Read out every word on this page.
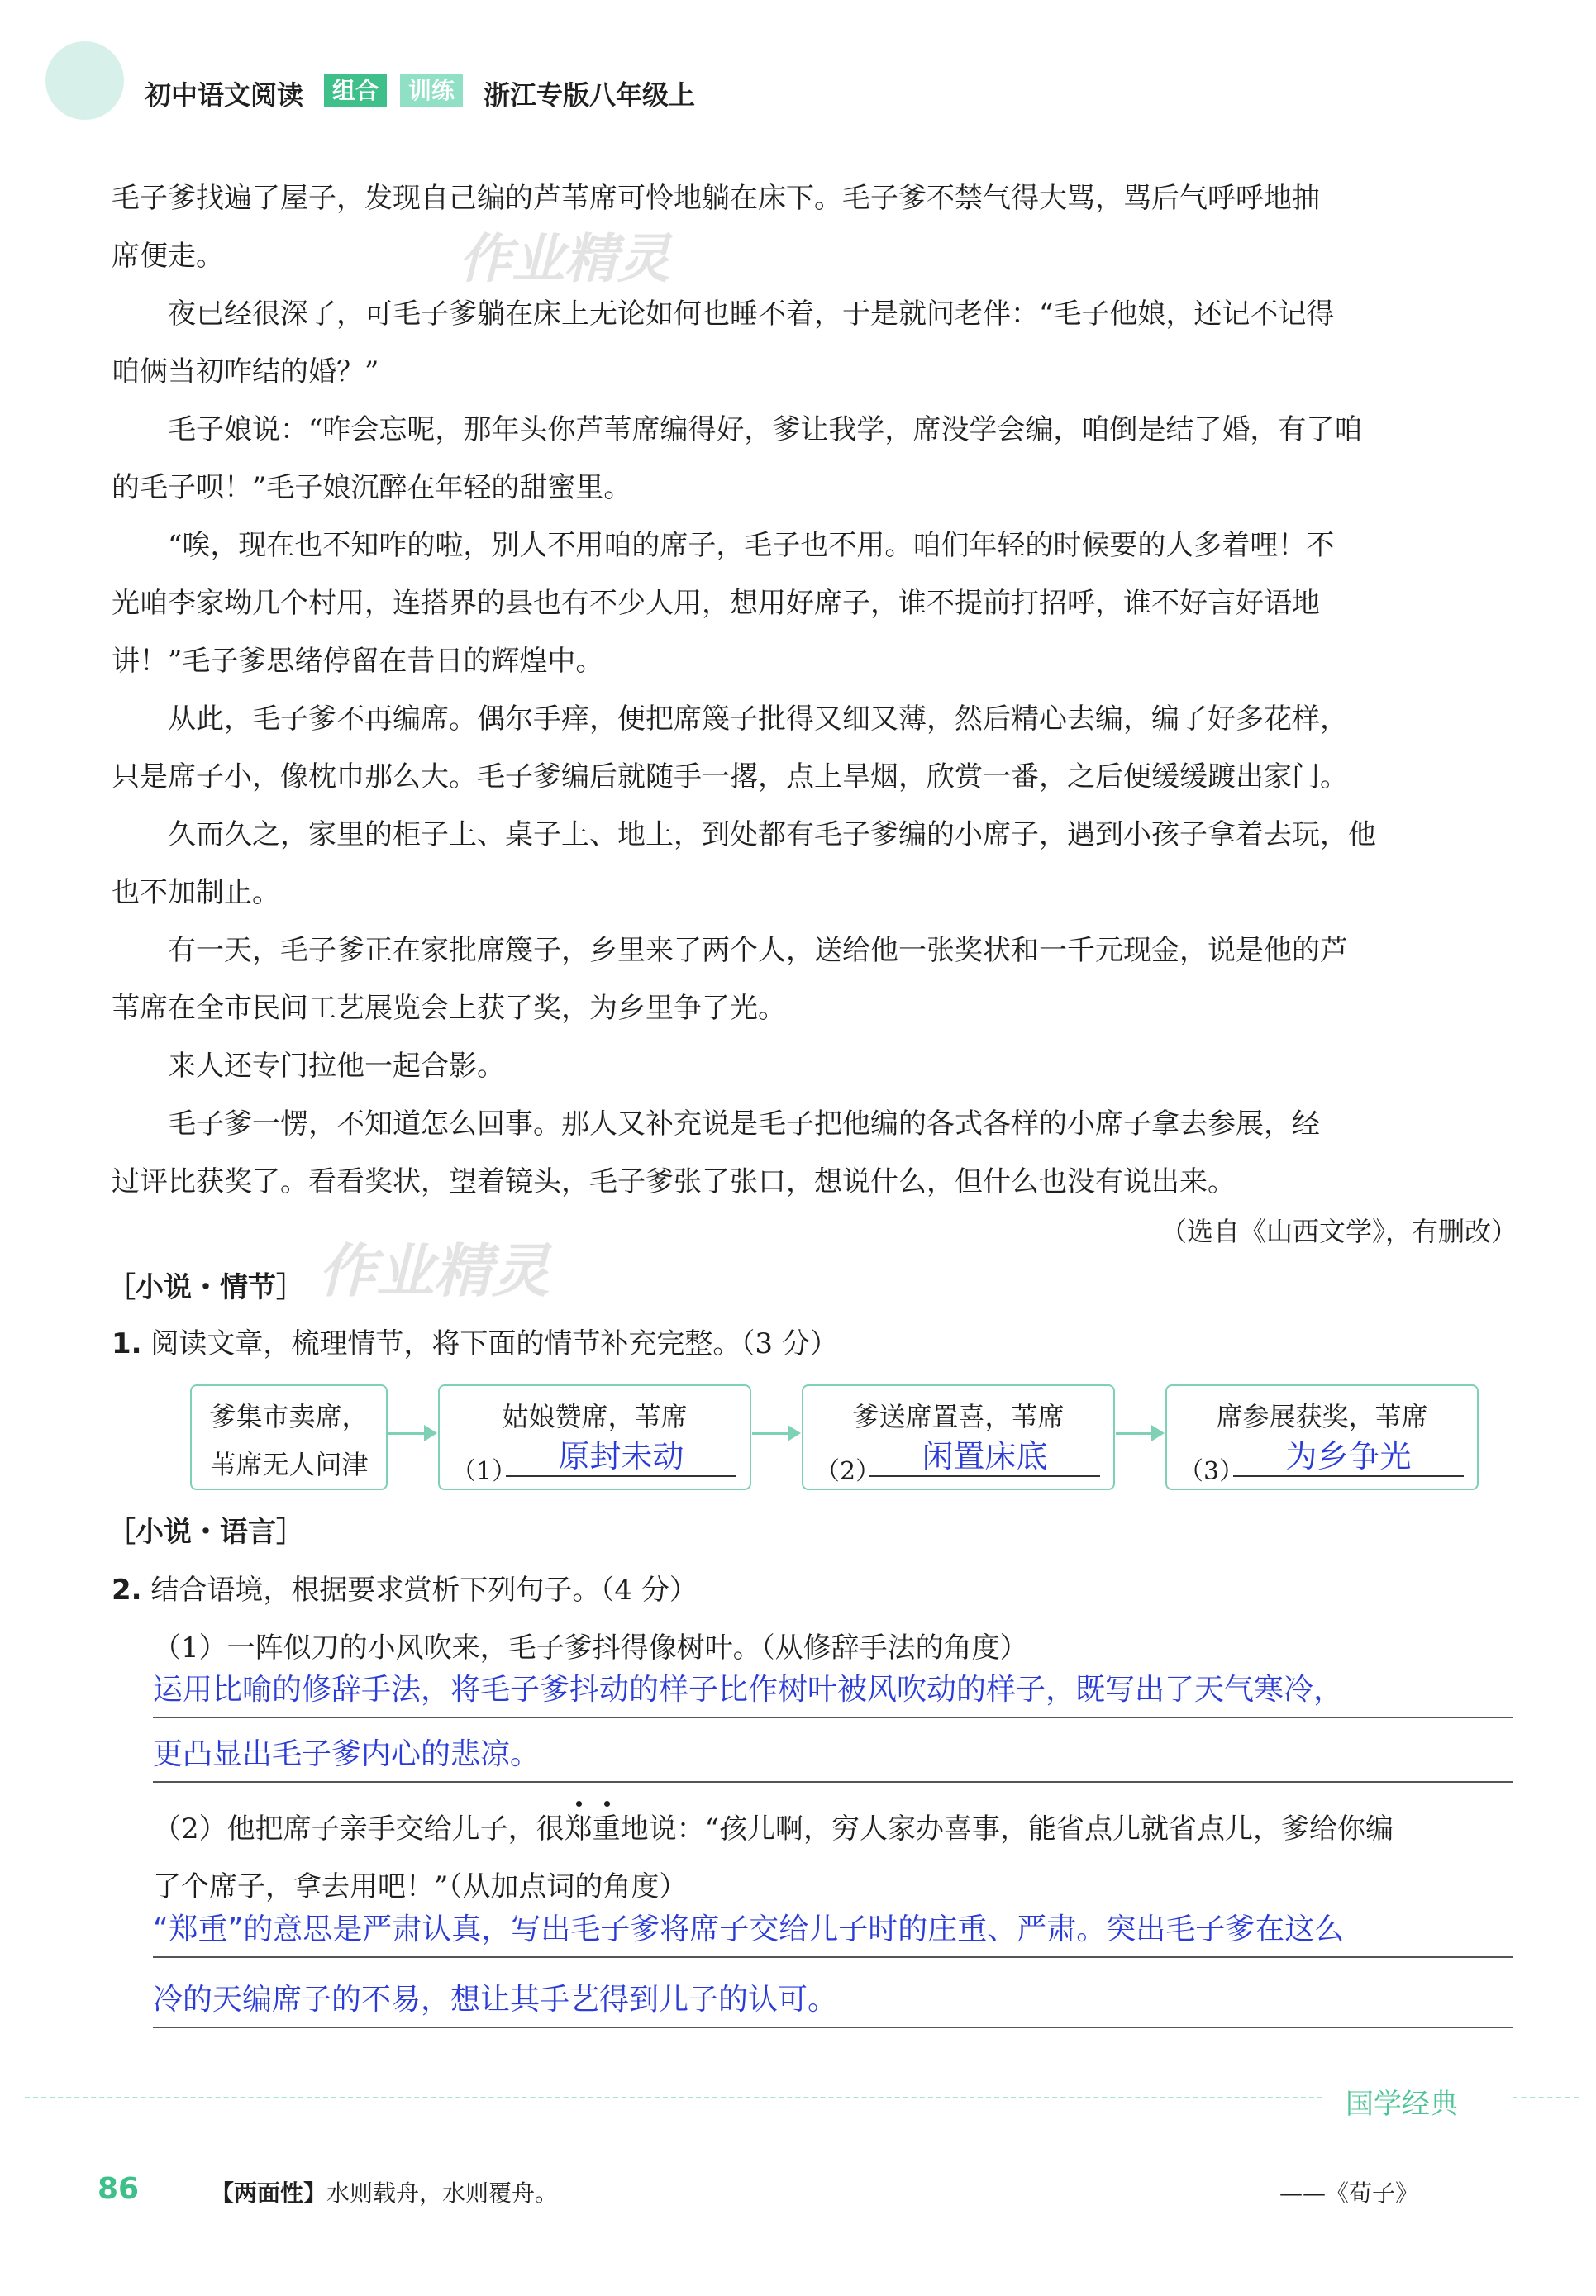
初中语文阅读	组合	训练	浙江专版八年级上
作业精灵
作业精灵
毛子爹找遍了屋子，发现自己编的芦苇席可怜地躺在床下。毛子爹不禁气得大骂，骂后气呼呼地抽
席便走。
夜已经很深了，可毛子爹躺在床上无论如何也睡不着，于是就问老伴：“毛子他娘，还记不记得
咱俩当初咋结的婚？”
毛子娘说：“咋会忘呢，那年头你芦苇席编得好，爹让我学，席没学会编，咱倒是结了婚，有了咱
的毛子呗！”毛子娘沉醉在年轻的甜蜜里。
“唉，现在也不知咋的啦，别人不用咱的席子，毛子也不用。咱们年轻的时候要的人多着哩！不
光咱李家坳几个村用，连搭界的县也有不少人用，想用好席子，谁不提前打招呼，谁不好言好语地
讲！”毛子爹思绪停留在昔日的辉煌中。
从此，毛子爹不再编席。偶尔手痒，便把席篾子批得又细又薄，然后精心去编，编了好多花样，
只是席子小，像枕巾那么大。毛子爹编后就随手一撂，点上旱烟，欣赏一番，之后便缓缓踱出家门。
久而久之，家里的柜子上、桌子上、地上，到处都有毛子爹编的小席子，遇到小孩子拿着去玩，他
也不加制止。
有一天，毛子爹正在家批席篾子，乡里来了两个人，送给他一张奖状和一千元现金，说是他的芦
苇席在全市民间工艺展览会上获了奖，为乡里争了光。
来人还专门拉他一起合影。
毛子爹一愣，不知道怎么回事。那人又补充说是毛子把他编的各式各样的小席子拿去参展，经
过评比获奖了。看看奖状，望着镜头，毛子爹张了张口，想说什么，但什么也没有说出来。
（选自《山西文学》，有删改）
［小说・情节］
1. 阅读文章，梳理情节，将下面的情节补充完整。（3 分）
爹集市卖席，
苇席无人问津
姑娘赞席，苇席
（1）	原封未动
爹送席置喜，苇席
（2）	闲置床底
席参展获奖，苇席
（3）	为乡争光
［小说・语言］
2. 结合语境，根据要求赏析下列句子。（4 分）
（1）一阵似刀的小风吹来，毛子爹抖得像树叶。（从修辞手法的角度）
运用比喻的修辞手法，将毛子爹抖动的样子比作树叶被风吹动的样子，既写出了天气寒冷，
更凸显出毛子爹内心的悲凉。
（2）他把席子亲手交给儿子，很郑重地说：“孩儿啊，穷人家办喜事，能省点儿就省点儿，爹给你编
了个席子，拿去用吧！”（从加点词的角度）
“郑重”的意思是严肃认真，写出毛子爹将席子交给儿子时的庄重、严肃。突出毛子爹在这么
冷的天编席子的不易，想让其手艺得到儿子的认可。
国学经典
86	【两面性】水则载舟，水则覆舟。	——《荀子》
